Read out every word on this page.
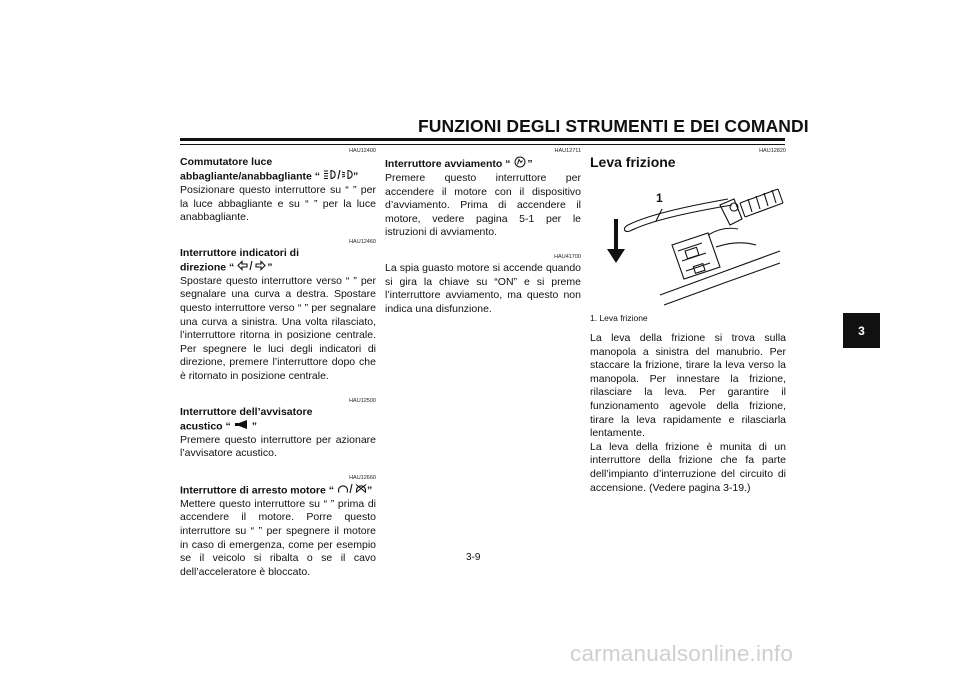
FUNZIONI DEGLI STRUMENTI E DEI COMANDI
3
HAU12400
Commutatore luce
abbagliante/anabbagliante “	”
Posizionare questo interruttore su “ ” per la luce abbagliante e su “ ” per la luce anabbagliante.
HAU12460
Interruttore indicatori di
direzione “	”
Spostare questo interruttore verso “ ” per segnalare una curva a destra. Spostare questo interruttore verso “ ” per segnalare una curva a sinistra. Una volta rilasciato, l’interruttore ritorna in posizione centrale. Per spegnere le luci degli indicatori di direzione, premere l’interruttore dopo che è ritornato in posizione centrale.
HAU12500
Interruttore dell’avvisatore
acustico “ ”
Premere questo interruttore per azionare l’avvisatore acustico.
HAU12660
Interruttore di arresto motore “	”
Mettere questo interruttore su “ ” prima di accendere il motore. Porre questo interruttore su “ ” per spegnere il motore in caso di emergenza, come per esempio se il veicolo si ribalta o se il cavo dell’acceleratore è bloccato.
HAU12711
Interruttore avviamento “ ”
Premere questo interruttore per accendere il motore con il dispositivo d’avviamento. Prima di accendere il motore, vedere pagina 5-1 per le istruzioni di avviamento.
HAU41700
La spia guasto motore si accende quando si gira la chiave su “ON” e si preme l’interruttore avviamento, ma questo non indica una disfunzione.
HAU12820
Leva frizione
1
1. Leva frizione
La leva della frizione si trova sulla manopola a sinistra del manubrio. Per staccare la frizione, tirare la leva verso la manopola. Per innestare la frizione, rilasciare la leva. Per garantire il funzionamento agevole della frizione, tirare la leva rapidamente e rilasciarla lentamente.
La leva della frizione è munita di un interruttore della frizione che fa parte dell’impianto d’interruzione del circuito di accensione. (Vedere pagina 3-19.)
3-9
carmanualsonline.info
